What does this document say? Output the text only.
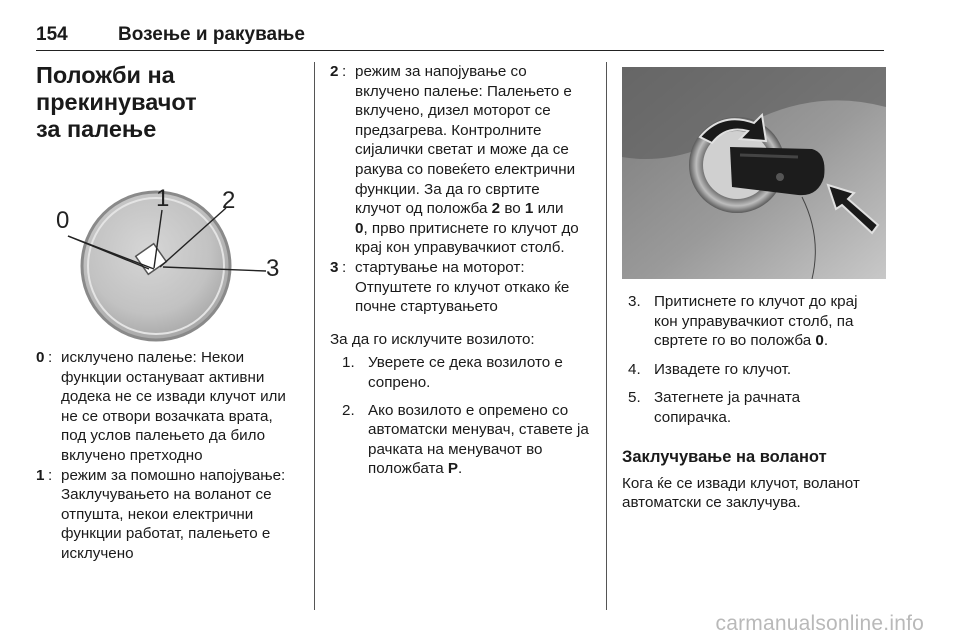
154	Возење и ракување
Положби на прекинувачот
за палење
0
1 2
3
0 : исклучено палење: Некои
функции остануваат активни
додека не се извади клучот или
не се отвори возачката врата,
под услов палењето да било
вклучено претходно
1 : режим за помошно напојување:
Заклучувањето на воланот се
отпушта, некои електрични
функции работат, палењето е
исклучено
2 : режим за напојување со
вклучено палење: Палењето е
вклучено, дизел моторот се
предзагрева. Контролните
сијалички светат и може да се
ракува со повеќето електрични
функции. За да го свртите
клучот од положба 2 во 1 или
0, прво притиснете го клучот до
крај кон управувачкиот столб.
3 : стартување на моторот:
Отпуштете го клучот откако ќе
почне стартувањето
За да го исклучите возилото:
1. Уверете се дека возилото е
сопрено.
2. Ако возилото е опремено со
автоматски менувач, ставете ја
рачката на менувачот во
положбата P.
3. Притиснете го клучот до крај
кон управувачкиот столб, па
свртете го во положба 0.
4. Извадете го клучот.
5. Затегнете ја рачната
сопирачка.
Заклучување на воланот
Кога ќе се извади клучот, воланот
автоматски се заклучува.
carmanualsonline.info
